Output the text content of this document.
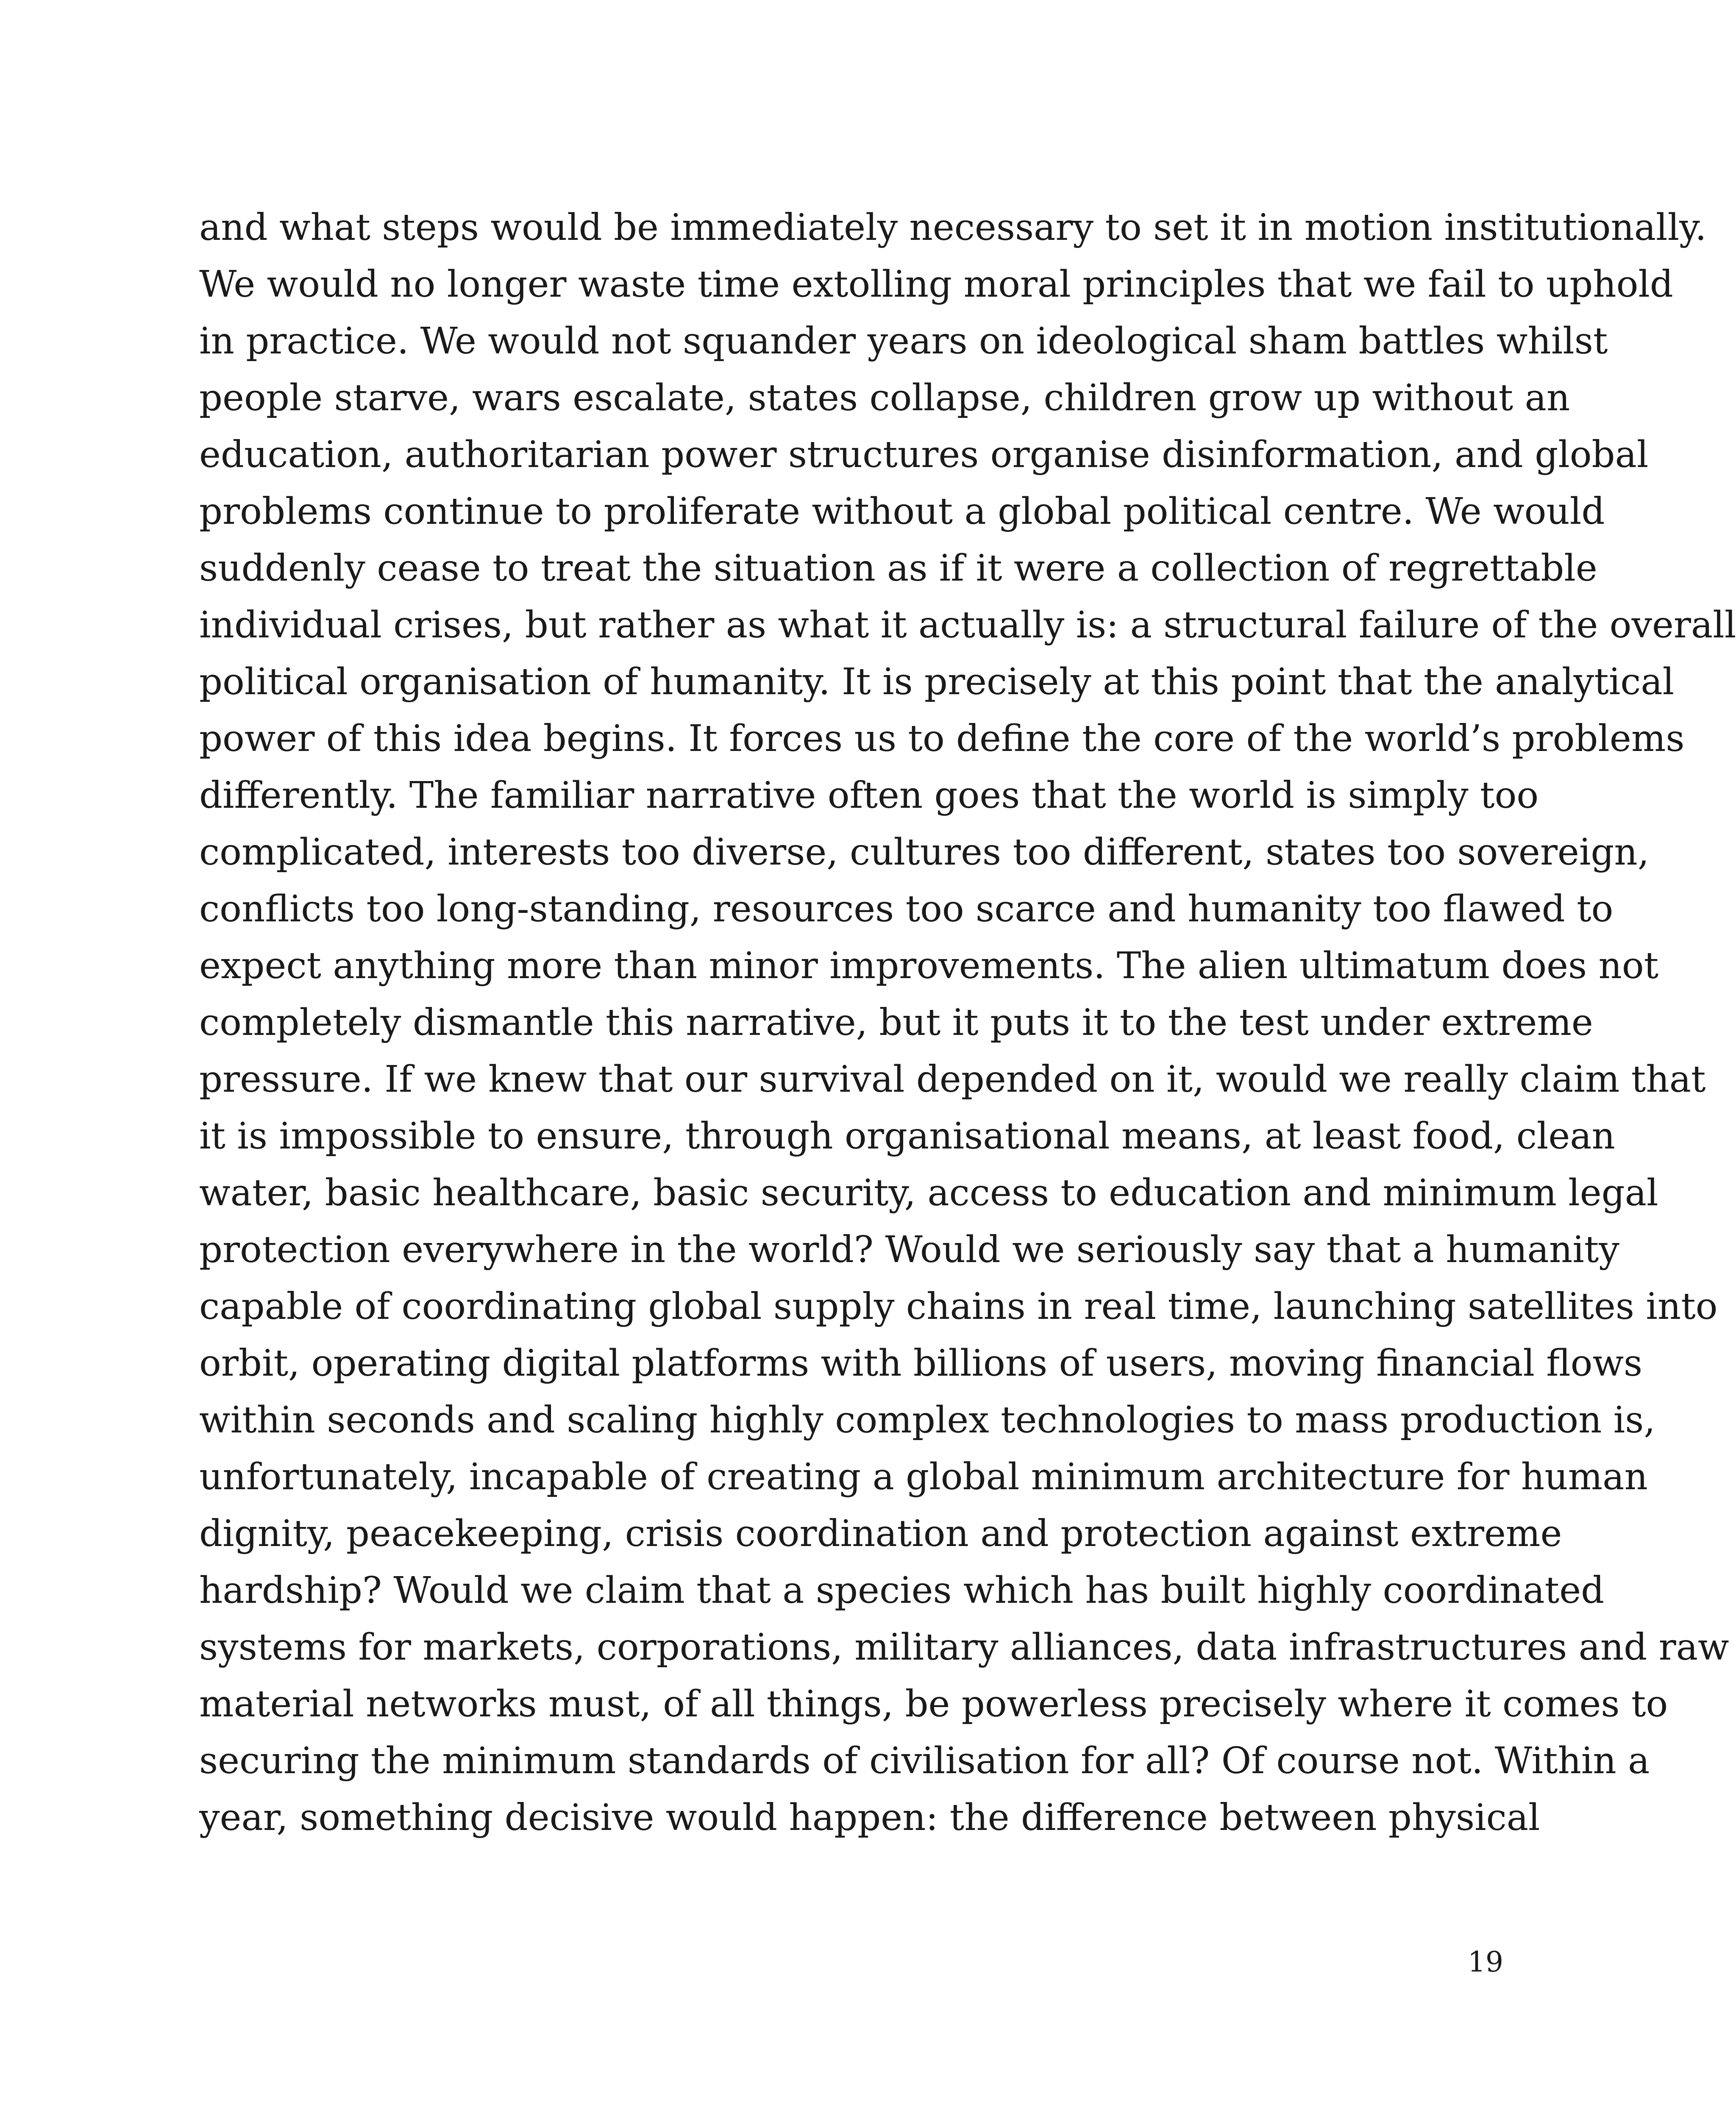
and what steps would be immediately necessary to set it in motion institutionally.
We would no longer waste time extolling moral principles that we fail to uphold
in practice. We would not squander years on ideological sham battles whilst
people starve, wars escalate, states collapse, children grow up without an
education, authoritarian power structures organise disinformation, and global
problems continue to proliferate without a global political centre. We would
suddenly cease to treat the situation as if it were a collection of regrettable
individual crises, but rather as what it actually is: a structural failure of the overall
political organisation of humanity. It is precisely at this point that the analytical
power of this idea begins. It forces us to define the core of the world’s problems
differently. The familiar narrative often goes that the world is simply too
complicated, interests too diverse, cultures too different, states too sovereign,
conflicts too long-standing, resources too scarce and humanity too flawed to
expect anything more than minor improvements. The alien ultimatum does not
completely dismantle this narrative, but it puts it to the test under extreme
pressure. If we knew that our survival depended on it, would we really claim that
it is impossible to ensure, through organisational means, at least food, clean
water, basic healthcare, basic security, access to education and minimum legal
protection everywhere in the world? Would we seriously say that a humanity
capable of coordinating global supply chains in real time, launching satellites into
orbit, operating digital platforms with billions of users, moving financial flows
within seconds and scaling highly complex technologies to mass production is,
unfortunately, incapable of creating a global minimum architecture for human
dignity, peacekeeping, crisis coordination and protection against extreme
hardship? Would we claim that a species which has built highly coordinated
systems for markets, corporations, military alliances, data infrastructures and raw
material networks must, of all things, be powerless precisely where it comes to
securing the minimum standards of civilisation for all? Of course not. Within a
year, something decisive would happen: the difference between physical
19
